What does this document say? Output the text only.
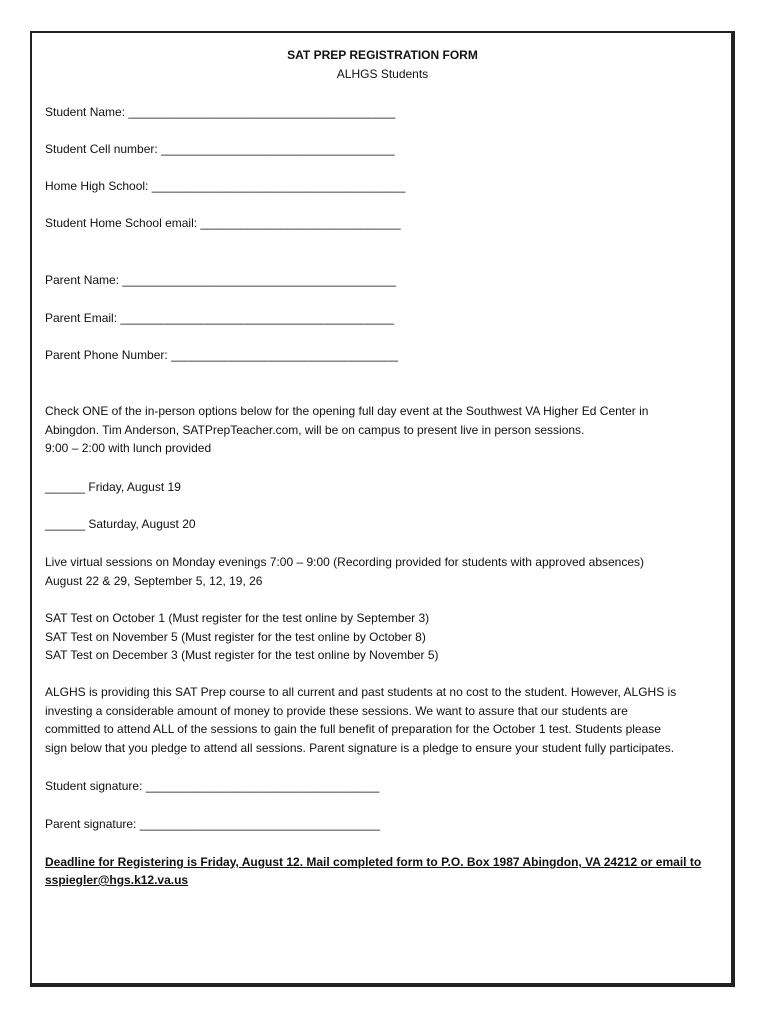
SAT PREP REGISTRATION FORM
ALHGS Students
Student Name: ________________________________________
Student Cell number: ___________________________________
Home High School: ______________________________________
Student Home School email: ______________________________
Parent Name: _________________________________________
Parent Email: _________________________________________
Parent Phone Number: __________________________________
Check ONE of the in-person options below for the opening full day event at the Southwest VA Higher Ed Center in
Abingdon. Tim Anderson, SATPrepTeacher.com, will be on campus to present live in person sessions.
9:00 – 2:00 with lunch provided
______ Friday, August 19
______ Saturday, August 20
Live virtual sessions on Monday evenings 7:00 – 9:00 (Recording provided for students with approved absences)
August 22 & 29, September 5, 12, 19, 26
SAT Test on October 1 (Must register for the test online by September 3)
SAT Test on November 5 (Must register for the test online by October 8)
SAT Test on December 3 (Must register for the test online by November 5)
ALGHS is providing this SAT Prep course to all current and past students at no cost to the student. However, ALGHS is
investing a considerable amount of money to provide these sessions. We want to assure that our students are
committed to attend ALL of the sessions to gain the full benefit of preparation for the October 1 test. Students please
sign below that you pledge to attend all sessions. Parent signature is a pledge to ensure your student fully participates.
Student signature: ___________________________________
Parent signature: ____________________________________
Deadline for Registering is Friday, August 12. Mail completed form to P.O. Box 1987 Abingdon, VA 24212 or email to
sspiegler@hgs.k12.va.us
